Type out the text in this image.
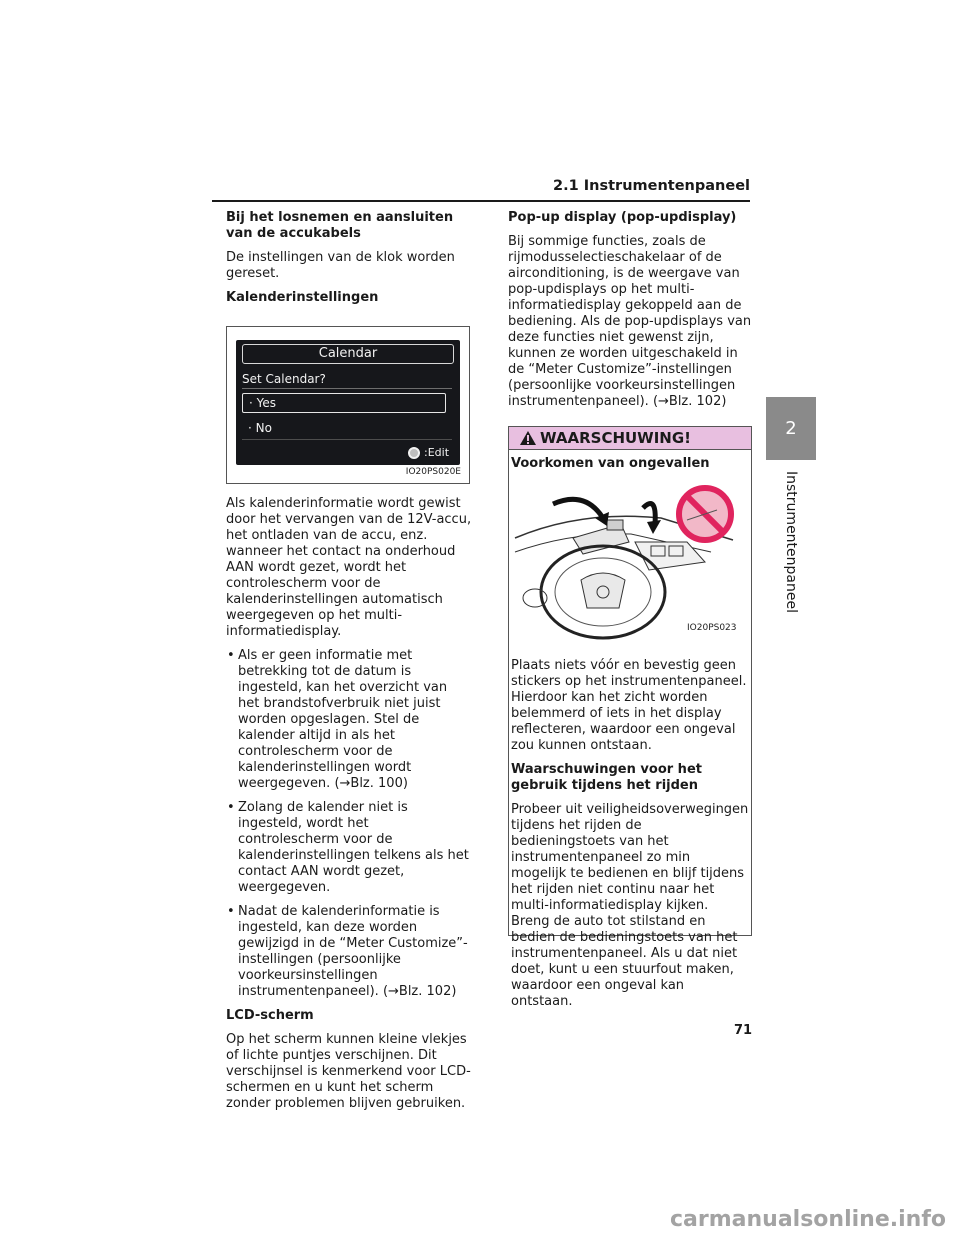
2.1 Instrumentenpaneel
2
Instrumentenpaneel
Bij het losnemen en aansluiten van de accukabels

De instellingen van de klok worden gereset.

Kalenderinstellingen
Calendar
Set Calendar?
· Yes
· No
:Edit
IO20PS020E

Als kalenderinformatie wordt gewist door het vervangen van de 12V-accu, het ontladen van de accu, enz. wanneer het contact na onderhoud AAN wordt gezet, wordt het controlescherm voor de kalenderinstellingen automatisch weergegeven op het multi-informatiedisplay.

• Als er geen informatie met betrekking tot de datum is ingesteld, kan het overzicht van het brandstofverbruik niet juist worden opgeslagen. Stel de kalender altijd in als het controlescherm voor de kalenderinstellingen wordt weergegeven. (→Blz. 100)
• Zolang de kalender niet is ingesteld, wordt het controlescherm voor de kalenderinstellingen telkens als het contact AAN wordt gezet, weergegeven.
• Nadat de kalenderinformatie is ingesteld, kan deze worden gewijzigd in de “Meter Customize”-instellingen (persoonlijke voorkeursinstellingen instrumentenpaneel). (→Blz. 102)
LCD-scherm

Op het scherm kunnen kleine vlekjes of lichte puntjes verschijnen. Dit verschijnsel is kenmerkend voor LCD-schermen en u kunt het scherm zonder problemen blijven gebruiken.

Pop-up display (pop-updisplay)

Bij sommige functies, zoals de rijmodusselectieschakelaar of de airconditioning, is de weergave van pop-updisplays op het multi-informatiedisplay gekoppeld aan de bediening. Als de pop-updisplays van deze functies niet gewenst zijn, kunnen ze worden uitgeschakeld in de “Meter Customize”-instellingen (persoonlijke voorkeursinstellingen instrumentenpaneel). (→Blz. 102)

WAARSCHUWING!
Voorkomen van ongevallen
IO20PS023

Plaats niets vóór en bevestig geen stickers op het instrumentenpaneel. Hierdoor kan het zicht worden belemmerd of iets in het display reflecteren, waardoor een ongeval zou kunnen ontstaan.

Waarschuwingen voor het gebruik tijdens het rijden

Probeer uit veiligheidsoverwegingen tijdens het rijden de bedieningstoets van het instrumentenpaneel zo min mogelijk te bedienen en blijf tijdens het rijden niet continu naar het multi-informatiedisplay kijken. Breng de auto tot stilstand en bedien de bedieningstoets van het instrumentenpaneel. Als u dat niet doet, kunt u een stuurfout maken, waardoor een ongeval kan ontstaan.

71
carmanualsonline.info
